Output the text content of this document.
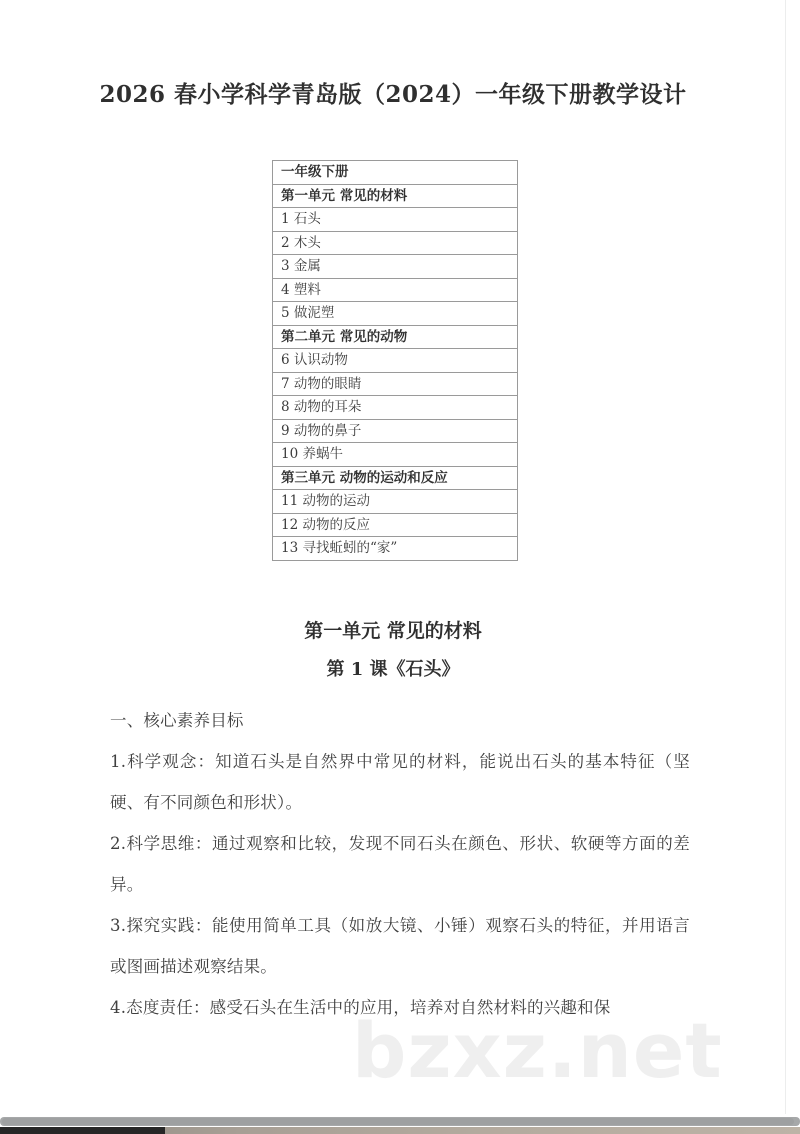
bzxz.net
2026 春小学科学青岛版（2024）一年级下册教学设计
一年级下册
第一单元 常见的材料
1 石头
2 木头
3 金属
4 塑料
5 做泥塑
第二单元 常见的动物
6 认识动物
7 动物的眼睛
8 动物的耳朵
9 动物的鼻子
10 养蜗牛
第三单元 动物的运动和反应
11 动物的运动
12 动物的反应
13 寻找蚯蚓的“家”
第一单元 常见的材料
第 1 课《石头》

一、核心素养目标

1.科学观念：知道石头是自然界中常见的材料，能说出石头的基本特征（坚硬、有不同颜色和形状）。

2.科学思维：通过观察和比较，发现不同石头在颜色、形状、软硬等方面的差异。

3.探究实践：能使用简单工具（如放大镜、小锤）观察石头的特征，并用语言或图画描述观察结果。

4.态度责任：感受石头在生活中的应用，培养对自然材料的兴趣和保
